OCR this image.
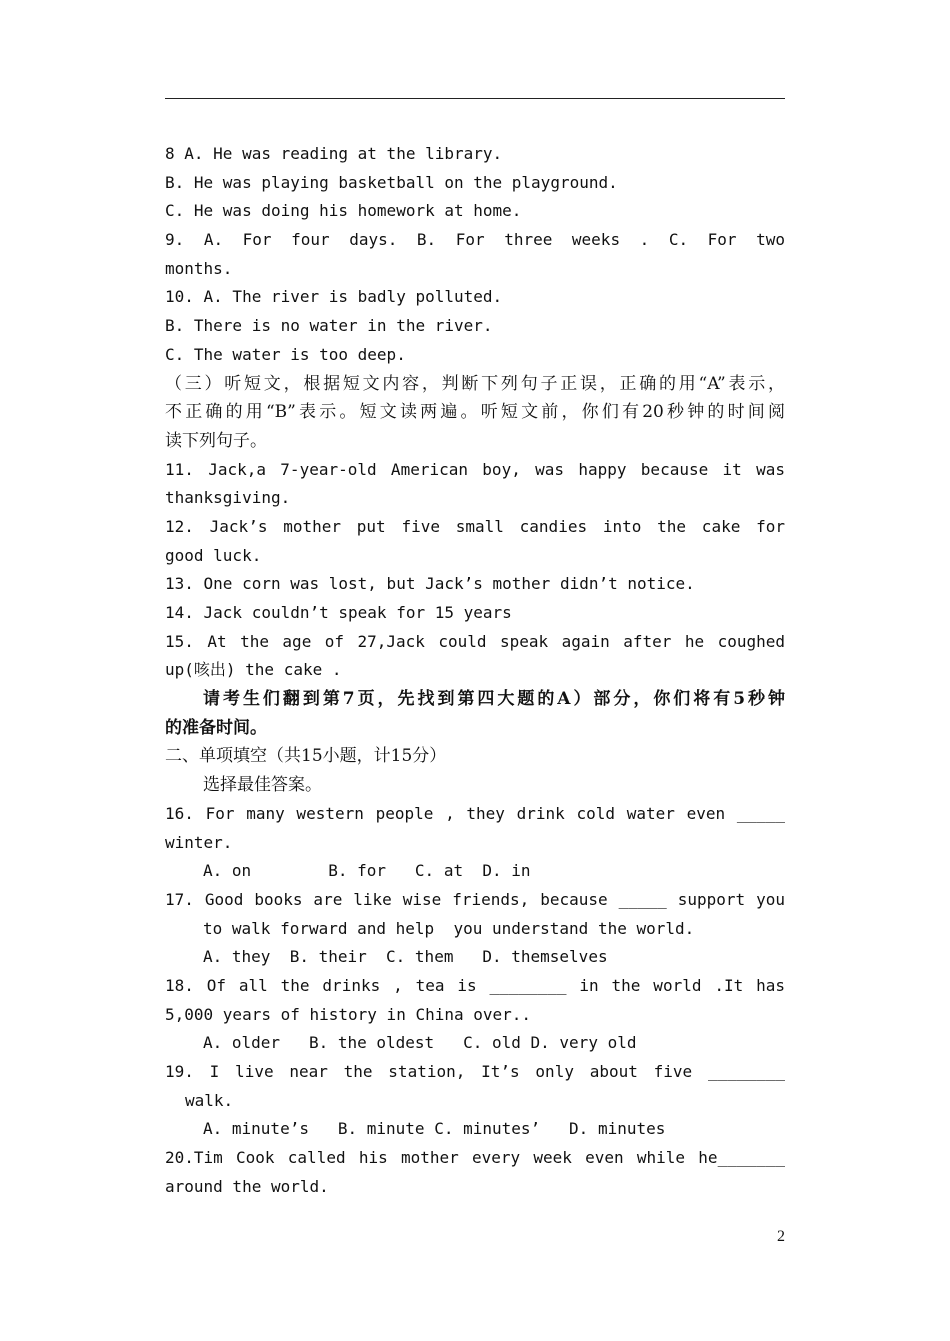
8 A. He was reading at the library.
B. He was playing basketball on the playground.
C. He was doing his homework at home.
9. A. For four days. B. For three weeks . C. For two
months.
10. A. The river is badly polluted.
B. There is no water in the river.
C. The water is too deep.
（三）听短文，根据短文内容，判断下列句子正误，正确的用“A”表示，
不正确的用“B”表示。短文读两遍。听短文前，你们有20秒钟的时间阅
读下列句子。
11. Jack,a 7-year-old American boy, was happy because it was
thanksgiving.
12. Jack’s mother put five small candies into the cake for
good luck.
13. One corn was lost, but Jack’s mother didn’t notice.
14. Jack couldn’t speak for 15 years
15. At the age of 27,Jack could speak again after he coughed
up(咳出) the cake .
请考生们翻到第7页，先找到第四大题的A）部分，你们将有5秒钟
的准备时间。
二、单项填空（共15小题，计15分）
选择最佳答案。
16. For many western people , they drink cold water even _____
winter.
A. on        B. for   C. at  D. in
17. Good books are like wise friends, because _____ support you
to walk forward and help  you understand the world.
A. they  B. their  C. them   D. themselves
18. Of all the drinks , tea is ________ in the world .It has
5,000 years of history in China over..
A. older   B. the oldest   C. old D. very old
19. I live near the station, It’s only about five ________
walk.
A. minute’s   B. minute C. minutes’   D. minutes
20.Tim Cook called his mother every week even while he_______
around the world.
2
